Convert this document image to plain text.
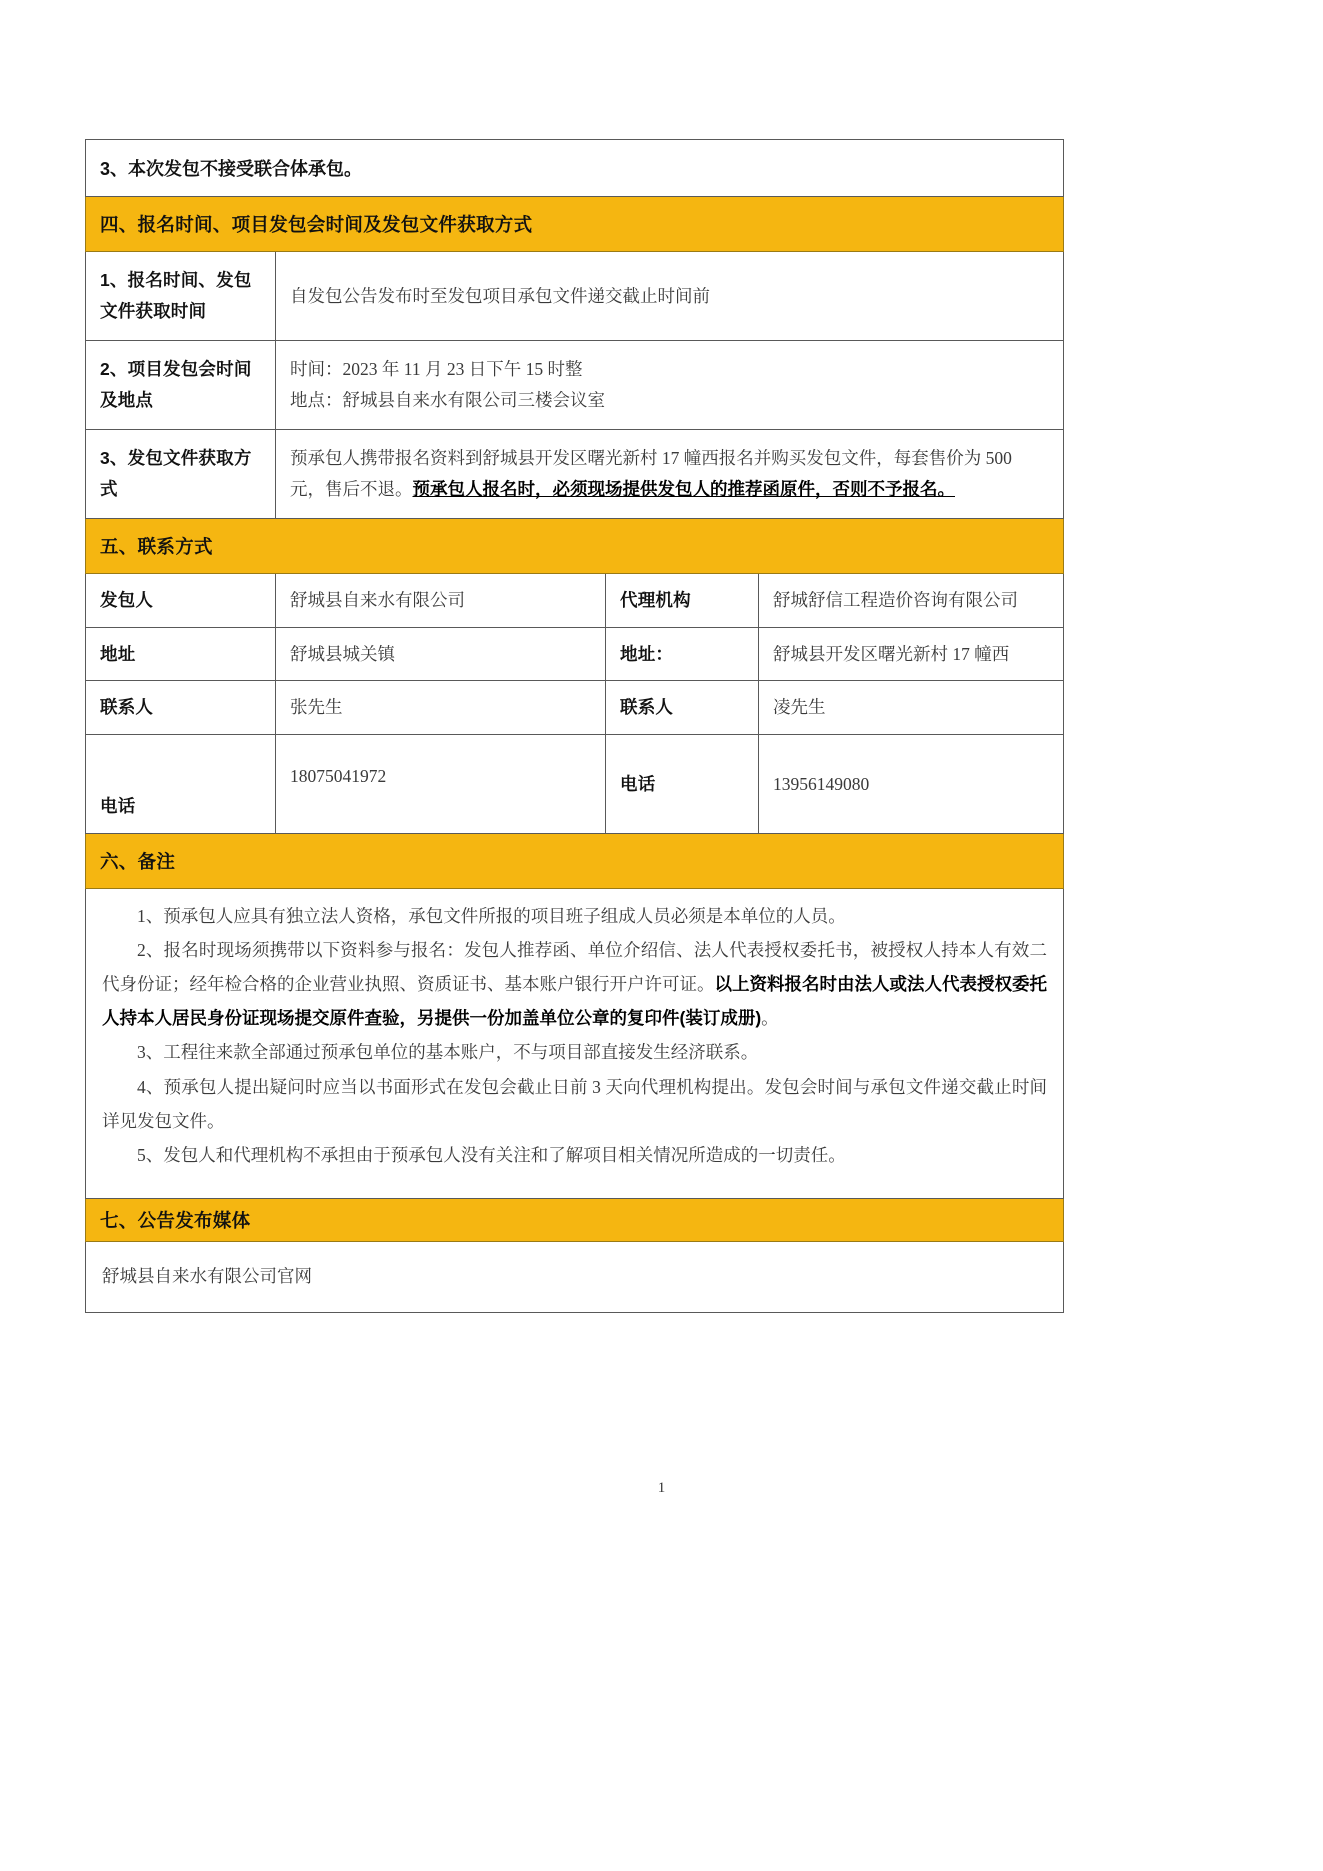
3、本次发包不接受联合体承包。			

四、报名时间、项目发包会时间及发包文件获取方式			

1、报名时间、发包文件获取时间	自发包公告发布时至发包项目承包文件递交截止时间前		

2、项目发包会时间及地点	时间：2023 年 11 月 23 日下午 15 时整
地点：舒城县自来水有限公司三楼会议室		

3、发包文件获取方式	预承包人携带报名资料到舒城县开发区曙光新村 17 幢西报名并购买发包文件，每套售价为 500 元，售后不退。预承包人报名时，必须现场提供发包人的推荐函原件，否则不予报名。		

五、联系方式			

发包人	舒城县自来水有限公司	代理机构	舒城舒信工程造价咨询有限公司

地址	舒城县城关镇	地址：	舒城县开发区曙光新村 17 幢西

联系人	张先生	联系人	凌先生

电话	18075041972	电话	13956149080

六、备注			

1、预承包人应具有独立法人资格，承包文件所报的项目班子组成人员必须是本单位的人员。

2、报名时现场须携带以下资料参与报名：发包人推荐函、单位介绍信、法人代表授权委托书，被授权人持本人有效二代身份证；经年检合格的企业营业执照、资质证书、基本账户银行开户许可证。以上资料报名时由法人或法人代表授权委托人持本人居民身份证现场提交原件查验，另提供一份加盖单位公章的复印件(装订成册)。

3、工程往来款全部通过预承包单位的基本账户，不与项目部直接发生经济联系。

4、预承包人提出疑问时应当以书面形式在发包会截止日前 3 天向代理机构提出。发包会时间与承包文件递交截止时间详见发包文件。

5、发包人和代理机构不承担由于预承包人没有关注和了解项目相关情况所造成的一切责任。			

七、公告发布媒体			

舒城县自来水有限公司官网			
1
